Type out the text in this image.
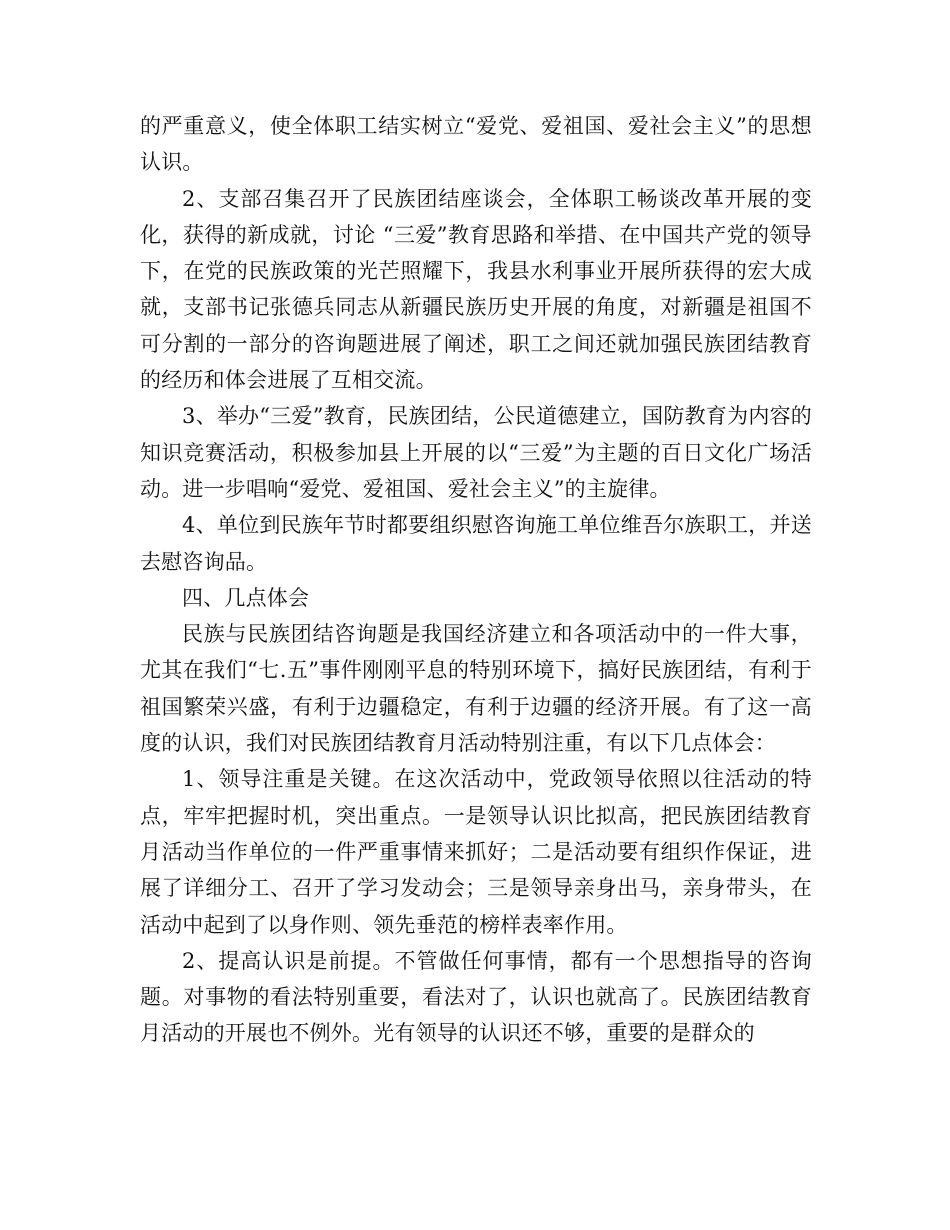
的严重意义，使全体职工结实树立“爱党、爱祖国、爱社会主义”的思想认识。

2、支部召集召开了民族团结座谈会，全体职工畅谈改革开展的变化，获得的新成就，讨论 “三爱”教育思路和举措、在中国共产党的领导下，在党的民族政策的光芒照耀下，我县水利事业开展所获得的宏大成就，支部书记张德兵同志从新疆民族历史开展的角度，对新疆是祖国不可分割的一部分的咨询题进展了阐述，职工之间还就加强民族团结教育的经历和体会进展了互相交流。

3、举办“三爱”教育，民族团结，公民道德建立，国防教育为内容的知识竞赛活动，积极参加县上开展的以“三爱”为主题的百日文化广场活动。进一步唱响“爱党、爱祖国、爱社会主义”的主旋律。

4、单位到民族年节时都要组织慰咨询施工单位维吾尔族职工，并送去慰咨询品。

四、几点体会

民族与民族团结咨询题是我国经济建立和各项活动中的一件大事，尤其在我们“七.五”事件刚刚平息的特别环境下，搞好民族团结，有利于祖国繁荣兴盛，有利于边疆稳定，有利于边疆的经济开展。有了这一高度的认识，我们对民族团结教育月活动特别注重，有以下几点体会：

1、领导注重是关键。在这次活动中，党政领导依照以往活动的特点，牢牢把握时机，突出重点。一是领导认识比拟高，把民族团结教育月活动当作单位的一件严重事情来抓好；二是活动要有组织作保证，进展了详细分工、召开了学习发动会；三是领导亲身出马，亲身带头，在活动中起到了以身作则、领先垂范的榜样表率作用。

2、提高认识是前提。不管做任何事情，都有一个思想指导的咨询题。对事物的看法特别重要，看法对了，认识也就高了。民族团结教育月活动的开展也不例外。光有领导的认识还不够，重要的是群众的
